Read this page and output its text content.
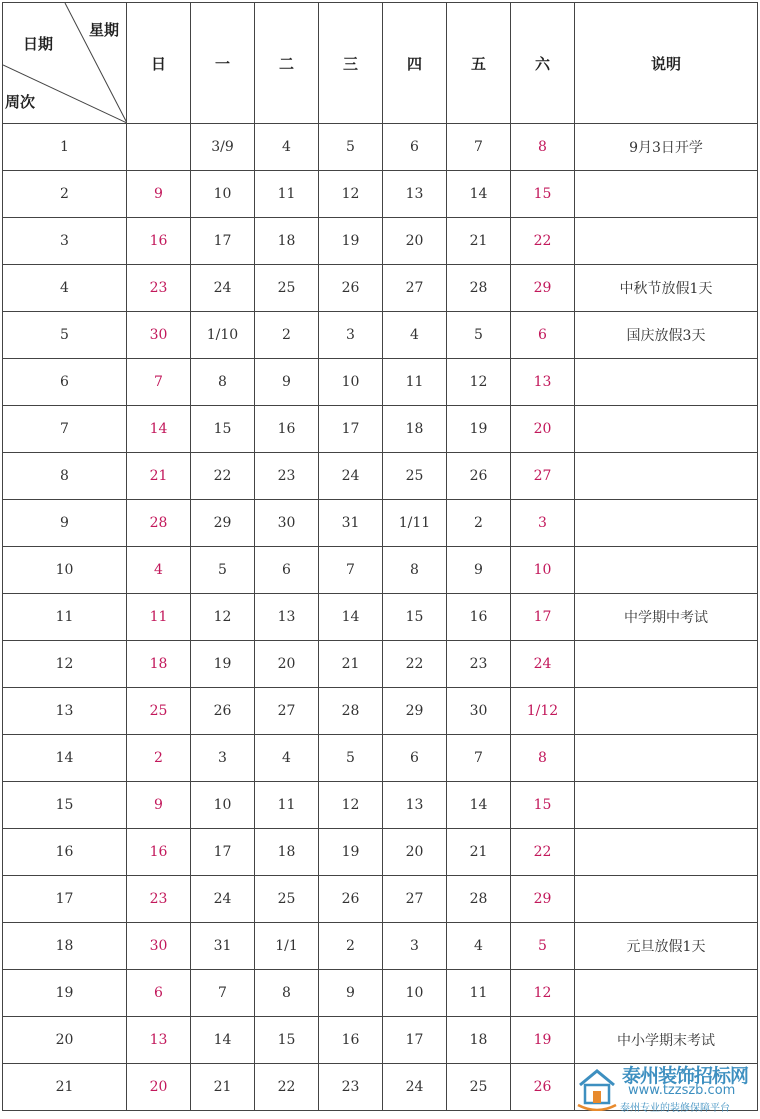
日期
星期
周次	日	一	二	三	四	五	六	说明
1		3/9	4	5	6	7	8	9月3日开学
2	9	10	11	12	13	14	15	
3	16	17	18	19	20	21	22	
4	23	24	25	26	27	28	29	中秋节放假1天
5	30	1/10	2	3	4	5	6	国庆放假3天
6	7	8	9	10	11	12	13	
7	14	15	16	17	18	19	20	
8	21	22	23	24	25	26	27	
9	28	29	30	31	1/11	2	3	
10	4	5	6	7	8	9	10	
11	11	12	13	14	15	16	17	中学期中考试
12	18	19	20	21	22	23	24	
13	25	26	27	28	29	30	1/12	
14	2	3	4	5	6	7	8	
15	9	10	11	12	13	14	15	
16	16	17	18	19	20	21	22	
17	23	24	25	26	27	28	29	
18	30	31	1/1	2	3	4	5	元旦放假1天
19	6	7	8	9	10	11	12	
20	13	14	15	16	17	18	19	中小学期末考试
21	20	21	22	23	24	25	26		泰州装饰招标网
www.tzzszb.com
泰州专业的装修保障平台
